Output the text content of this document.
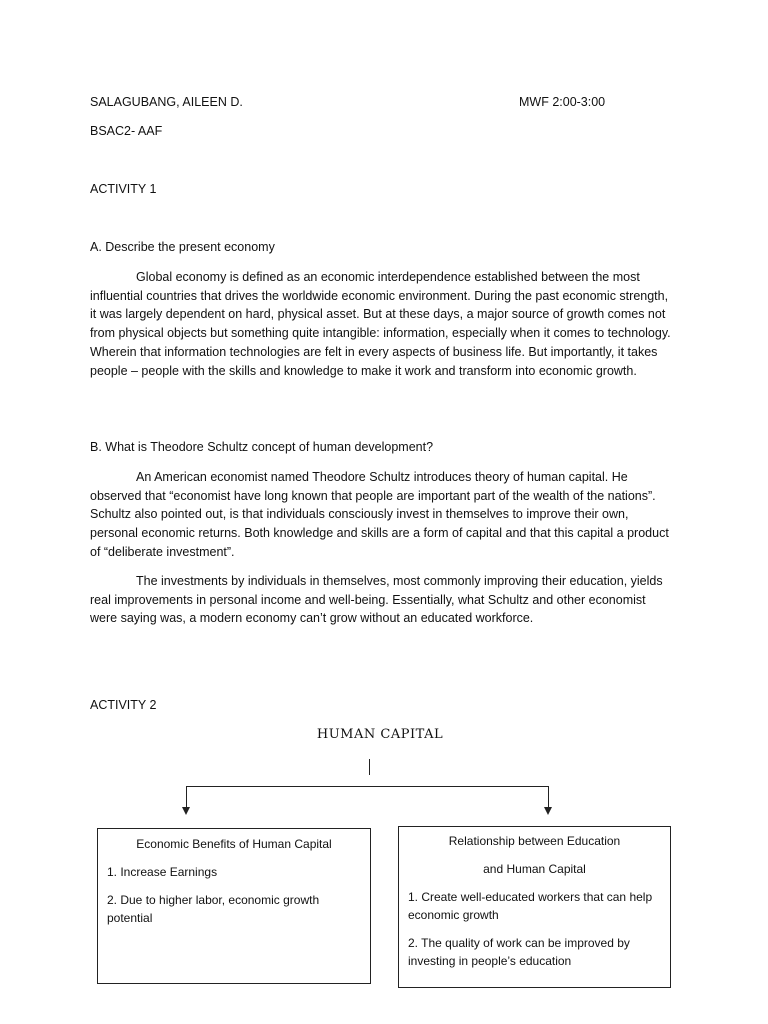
SALAGUBANG, AILEEN D.	MWF 2:00-3:00

BSAC2- AAF

ACTIVITY 1

A. Describe the present economy

Global economy is defined as an economic interdependence established between the most influential countries that drives the worldwide economic environment. During the past economic strength, it was largely dependent on hard, physical asset. But at these days, a major source of growth comes not from physical objects but something quite intangible: information, especially when it comes to technology. Wherein that information technologies are felt in every aspects of business life. But importantly, it takes people – people with the skills and knowledge to make it work and transform into economic growth.

B. What is Theodore Schultz concept of human development?

An American economist named Theodore Schultz introduces theory of human capital. He observed that “economist have long known that people are important part of the wealth of the nations”. Schultz also pointed out, is that individuals consciously invest in themselves to improve their own, personal economic returns. Both knowledge and skills are a form of capital and that this capital a product of “deliberate investment”.

The investments by individuals in themselves, most commonly improving their education, yields real improvements in personal income and well-being. Essentially, what Schultz and other economist were saying was, a modern economy can’t grow without an educated workforce.

ACTIVITY 2

HUMAN CAPITAL

Economic Benefits of Human Capital

1. Increase Earnings

2. Due to higher labor, economic growth potential

Relationship between Education

and Human Capital

1. Create well-educated workers that can help economic growth

2. The quality of work can be improved by investing in people’s education
